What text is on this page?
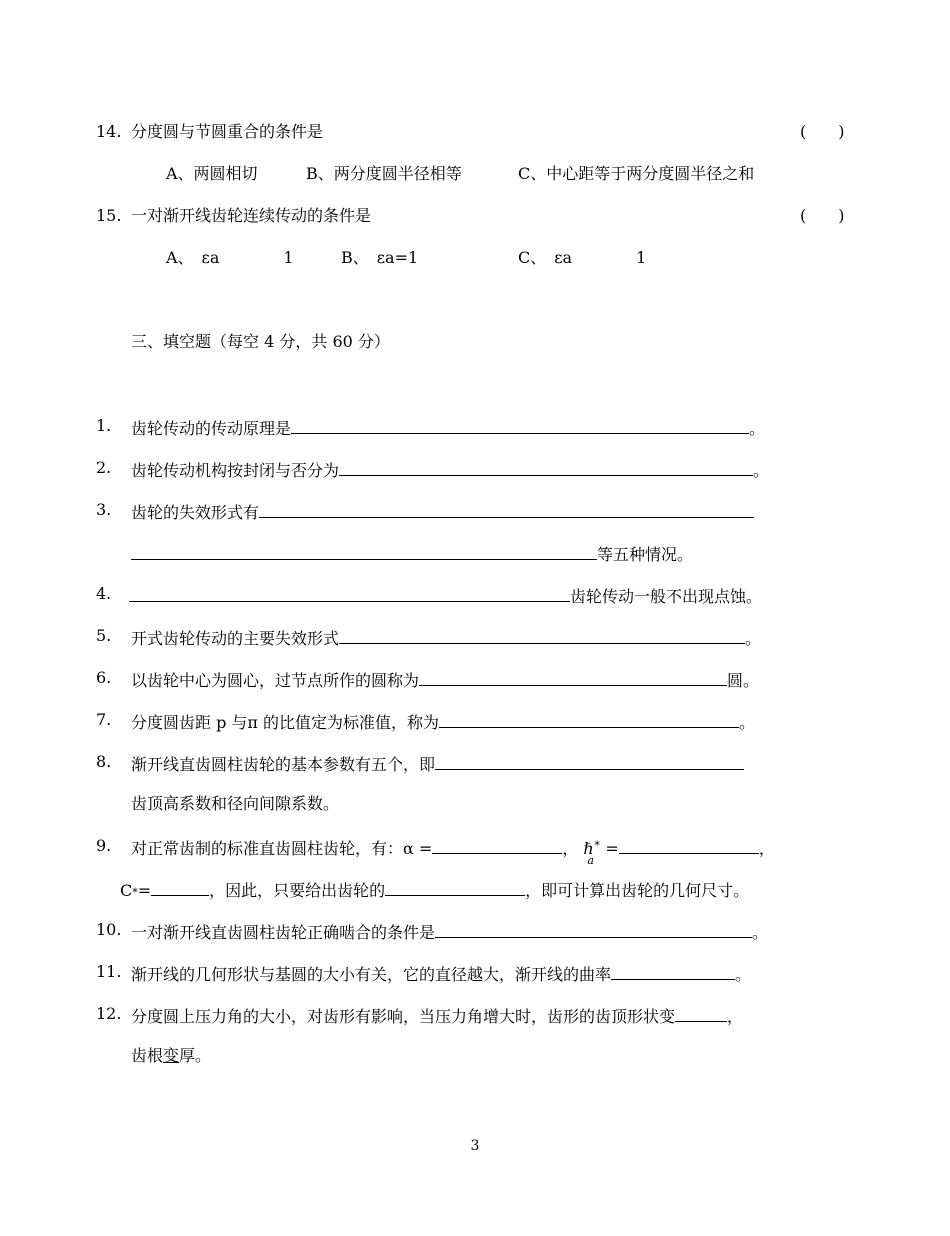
14. 分度圆与节圆重合的条件是	(　　)
A、两圆相切	B、两分度圆半径相等	C、中心距等于两分度圆半径之和
15. 一对渐开线齿轮连续传动的条件是	(　　)
A、　εa　　　　1	B、　εa=1	C、　εa　　　　1
三、填空题（每空 4 分，共 60 分）
1. 齿轮传动的传动原理是	。
2. 齿轮传动机构按封闭与否分为	。
3. 齿轮的失效形式有
等五种情况。
4.	齿轮传动一般不出现点蚀。
5. 开式齿轮传动的主要失效形式	。
6. 以齿轮中心为圆心，过节点所作的圆称为	圆。
7. 分度圆齿距 p 与π 的比值定为标准值，称为	。
8. 渐开线直齿圆柱齿轮的基本参数有五个，即
齿顶高系数和径向间隙系数。
9. 对正常齿制的标准直齿圆柱齿轮，有：α =	， ℏ *
a
=	，
C*=	，因此，只要给出齿轮的	，即可计算出齿轮的几何尺寸。
10. 一对渐开线直齿圆柱齿轮正确啮合的条件是	。
11. 渐开线的几何形状与基圆的大小有关，它的直径越大，渐开线的曲率	。
12. 分度圆上压力角的大小，对齿形有影响，当压力角增大时，齿形的齿顶形状变	，
齿根变厚。
3
